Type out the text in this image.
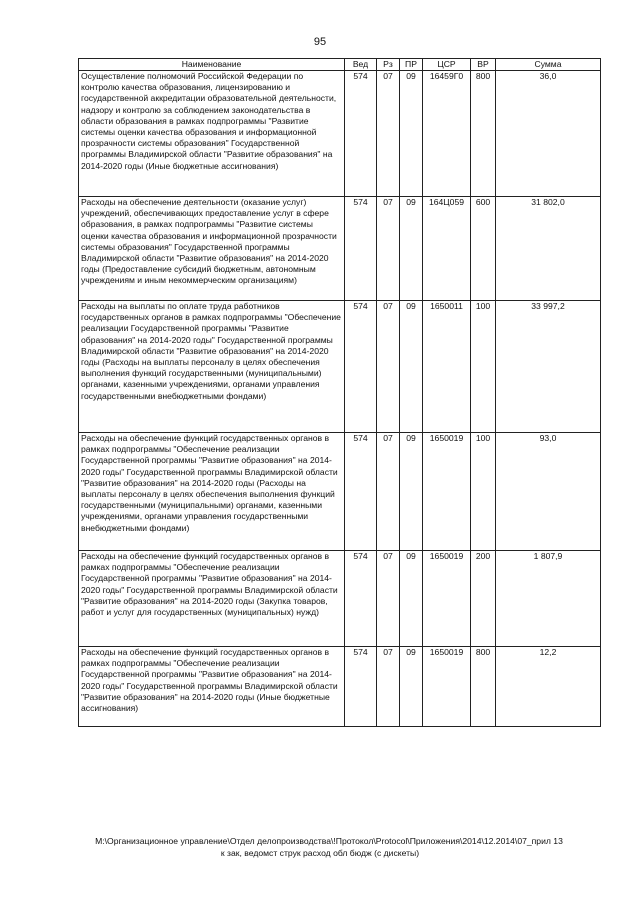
95
Наименование	Вед	Рз	ПР	ЦСР	ВР	Сумма
Осуществление полномочий Российской Федерации по контролю качества образования, лицензированию и государственной аккредитации образовательной деятельности, надзору и контролю за соблюдением законодательства в области образования в рамках подпрограммы "Развитие системы оценки качества образования и информационной прозрачности системы образования" Государственной программы Владимирской области "Развитие образования" на 2014-2020 годы (Иные бюджетные ассигнования)	574	07	09	16459Г0	800	36,0
Расходы на обеспечение деятельности (оказание услуг) учреждений, обеспечивающих предоставление услуг в сфере образования, в рамках подпрограммы "Развитие системы оценки качества образования и информационной прозрачности системы образования" Государственной программы Владимирской области "Развитие образования" на 2014-2020 годы (Предоставление субсидий бюджетным, автономным учреждениям и иным некоммерческим организациям)	574	07	09	164Ц059	600	31 802,0
Расходы на выплаты по оплате труда работников государственных органов в рамках подпрограммы "Обеспечение реализации Государственной программы "Развитие образования" на 2014-2020 годы" Государственной программы Владимирской области "Развитие образования" на 2014-2020 годы (Расходы на выплаты персоналу в целях обеспечения выполнения функций государственными (муниципальными) органами, казенными учреждениями, органами управления государственными внебюджетными фондами)	574	07	09	1650011	100	33 997,2
Расходы на обеспечение функций государственных органов в рамках подпрограммы "Обеспечение реализации Государственной программы "Развитие образования" на 2014-2020 годы" Государственной программы Владимирской области "Развитие образования" на 2014-2020 годы (Расходы на выплаты персоналу в целях обеспечения выполнения функций государственными (муниципальными) органами, казенными учреждениями, органами управления государственными внебюджетными фондами)	574	07	09	1650019	100	93,0
Расходы на обеспечение функций государственных органов в рамках подпрограммы "Обеспечение реализации Государственной программы "Развитие образования" на 2014-2020 годы" Государственной программы Владимирской области "Развитие образования" на 2014-2020 годы (Закупка товаров, работ и услуг для государственных (муниципальных) нужд)	574	07	09	1650019	200	1 807,9
Расходы на обеспечение функций государственных органов в рамках подпрограммы "Обеспечение реализации Государственной программы "Развитие образования" на 2014-2020 годы" Государственной программы Владимирской области "Развитие образования" на 2014-2020 годы (Иные бюджетные ассигнования)	574	07	09	1650019	800	12,2
M:\Организационное управление\Отдел делопроизводства\!Протокол\Protocol\Приложения\2014\12.2014\07_прил 13
к зак, ведомст струк расход обл бюдж (с дискеты)
